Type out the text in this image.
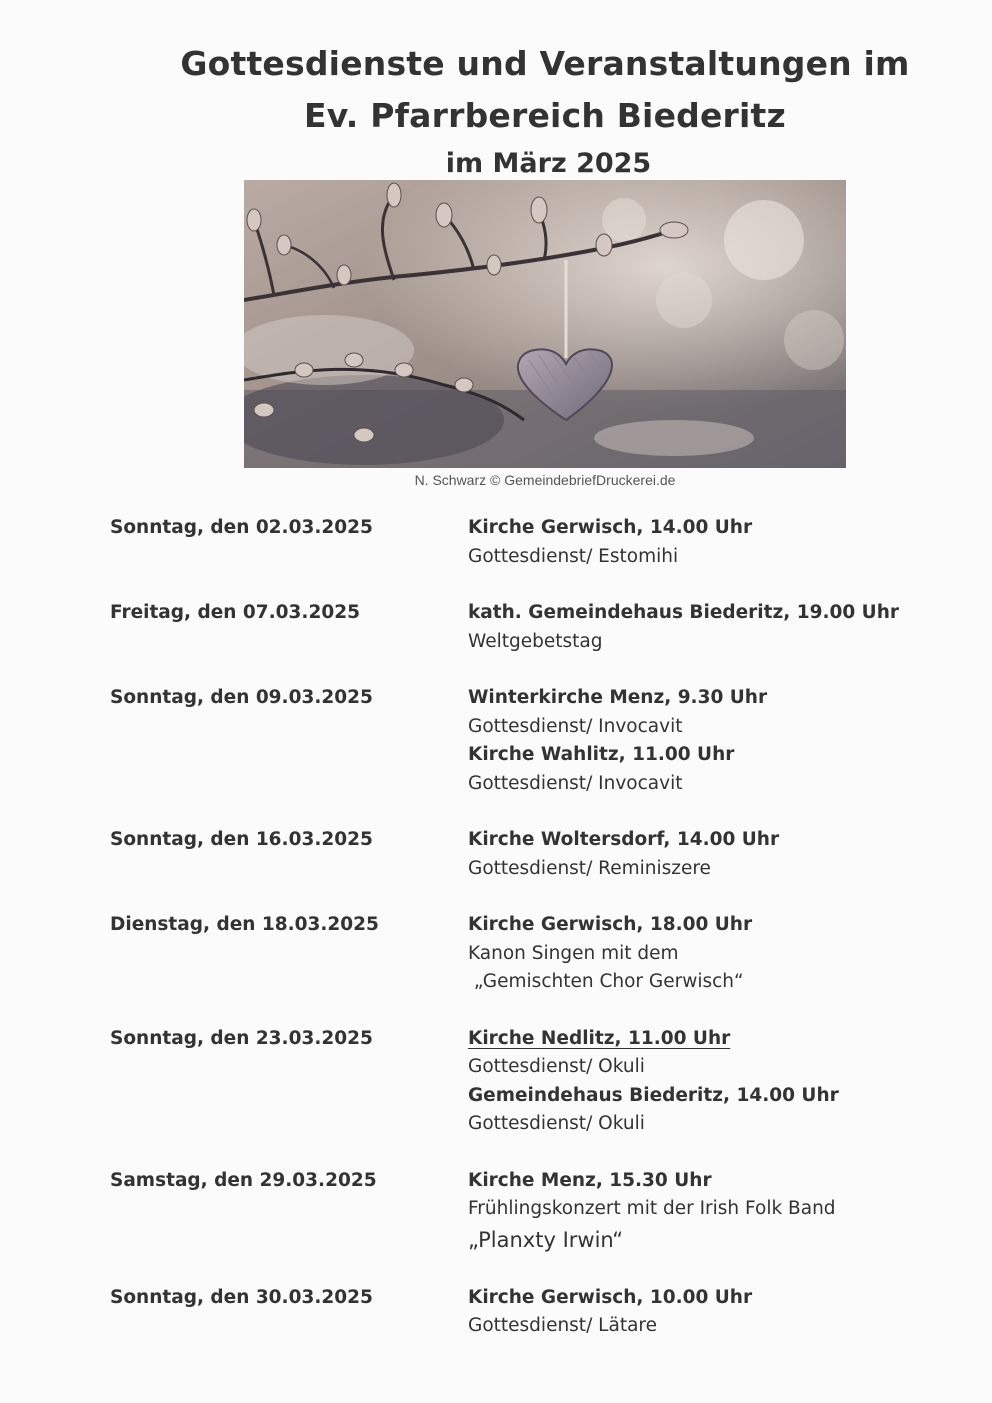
Gottesdienste und Veranstaltungen im
Ev. Pfarrbereich Biederitz
im März 2025
N. Schwarz © GemeindebriefDruckerei.de
Sonntag, den 02.03.2025	Kirche Gerwisch, 14.00 Uhr
Gottesdienst/ Estomihi
Freitag, den 07.03.2025	kath. Gemeindehaus Biederitz, 19.00 Uhr
Weltgebetstag
Sonntag, den 09.03.2025	Winterkirche Menz, 9.30 Uhr
Gottesdienst/ Invocavit
Kirche Wahlitz, 11.00 Uhr
Gottesdienst/ Invocavit
Sonntag, den 16.03.2025	Kirche Woltersdorf, 14.00 Uhr
Gottesdienst/ Reminiszere
Dienstag, den 18.03.2025	Kirche Gerwisch, 18.00 Uhr
Kanon Singen mit dem
„Gemischten Chor Gerwisch“
Sonntag, den 23.03.2025	Kirche Nedlitz, 11.00 Uhr
Gottesdienst/ Okuli
Gemeindehaus Biederitz, 14.00 Uhr
Gottesdienst/ Okuli
Samstag, den 29.03.2025	Kirche Menz, 15.30 Uhr
Frühlingskonzert mit der Irish Folk Band
„Planxty Irwin“
Sonntag, den 30.03.2025	Kirche Gerwisch, 10.00 Uhr
Gottesdienst/ Lätare
